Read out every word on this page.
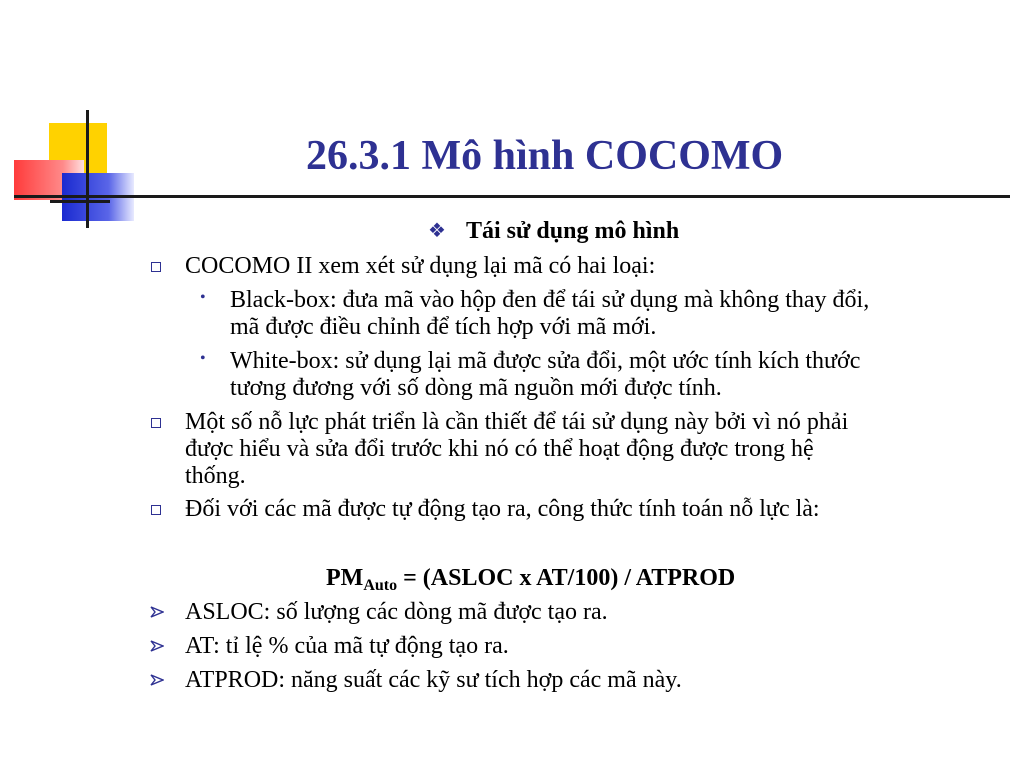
26.3.1 Mô hình COCOMO
❖ Tái sử dụng mô hình
COCOMO II xem xét sử dụng lại mã có hai loại:
• Black-box: đưa mã vào hộp đen để tái sử dụng mà không thay đổi,
mã được điều chỉnh để tích hợp với mã mới.
• White-box: sử dụng lại mã được sửa đổi, một ước tính kích thước
tương đương với số dòng mã nguồn mới được tính.
Một số nỗ lực phát triển là cần thiết để tái sử dụng này bởi vì nó phải
được hiểu và sửa đổi trước khi nó có thể hoạt động được trong hệ
thống.
Đối với các mã được tự động tạo ra, công thức tính toán nỗ lực là:
$PM_{Auto}$ = (ASLOC x AT/100) / ATPROD
ASLOC: số lượng các dòng mã được tạo ra.
AT: tỉ lệ % của mã tự động tạo ra.
ATPROD: năng suất các kỹ sư tích hợp các mã này.
